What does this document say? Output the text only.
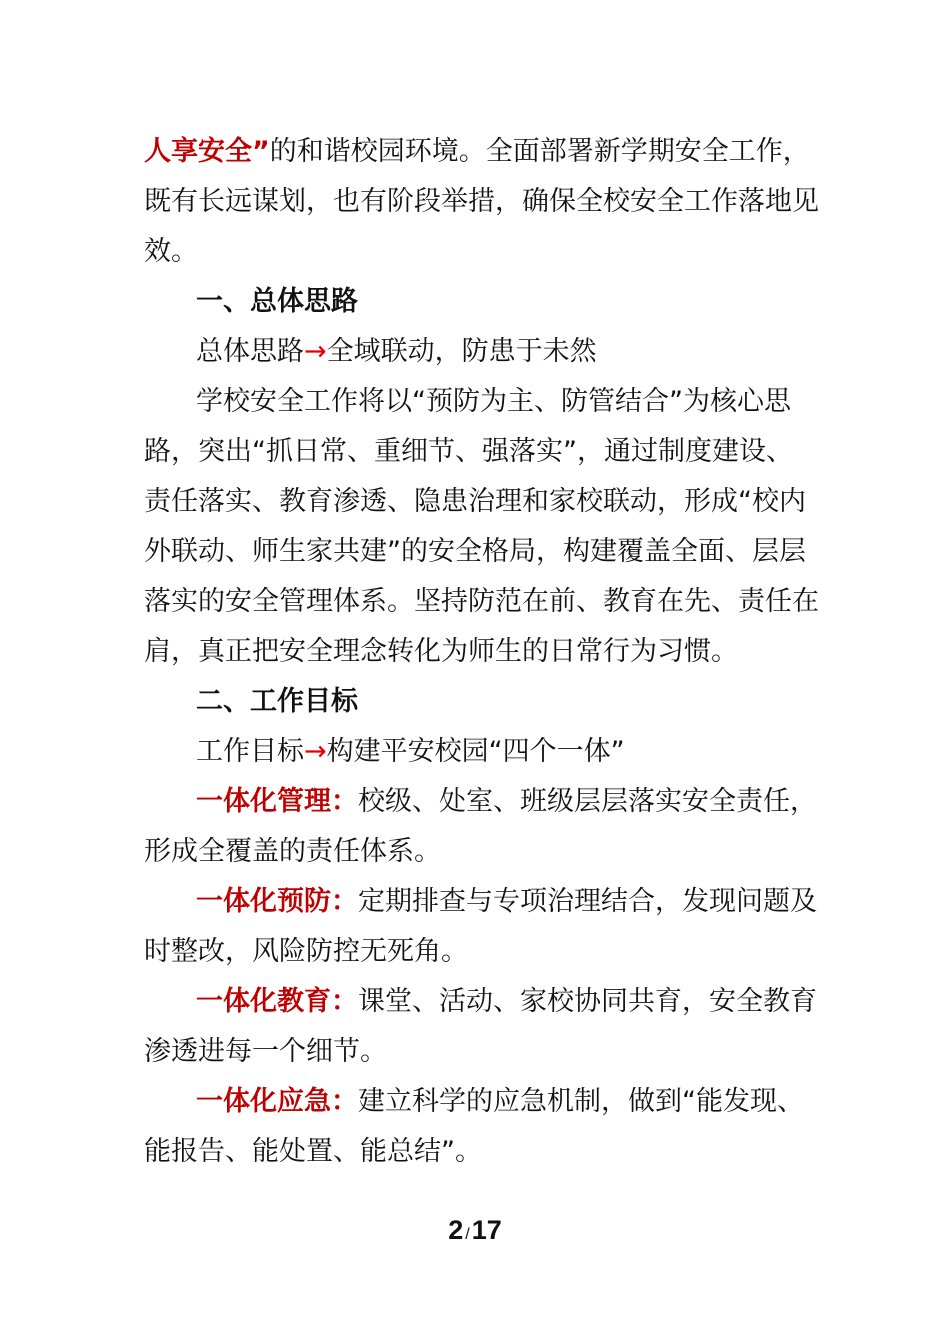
人享安全”的和谐校园环境。全面部署新学期安全工作，
既有长远谋划，也有阶段举措，确保全校安全工作落地见
效。
一、总体思路
总体思路→全域联动，防患于未然
学校安全工作将以“预防为主、防管结合”为核心思
路，突出“抓日常、重细节、强落实”，通过制度建设、
责任落实、教育渗透、隐患治理和家校联动，形成“校内
外联动、师生家共建”的安全格局，构建覆盖全面、层层
落实的安全管理体系。坚持防范在前、教育在先、责任在
肩，真正把安全理念转化为师生的日常行为习惯。
二、工作目标
工作目标→构建平安校园“四个一体”
一体化管理：校级、处室、班级层层落实安全责任，
形成全覆盖的责任体系。
一体化预防：定期排查与专项治理结合，发现问题及
时整改，风险防控无死角。
一体化教育：课堂、活动、家校协同共育，安全教育
渗透进每一个细节。
一体化应急：建立科学的应急机制，做到“能发现、
能报告、能处置、能总结”。
2 /17
